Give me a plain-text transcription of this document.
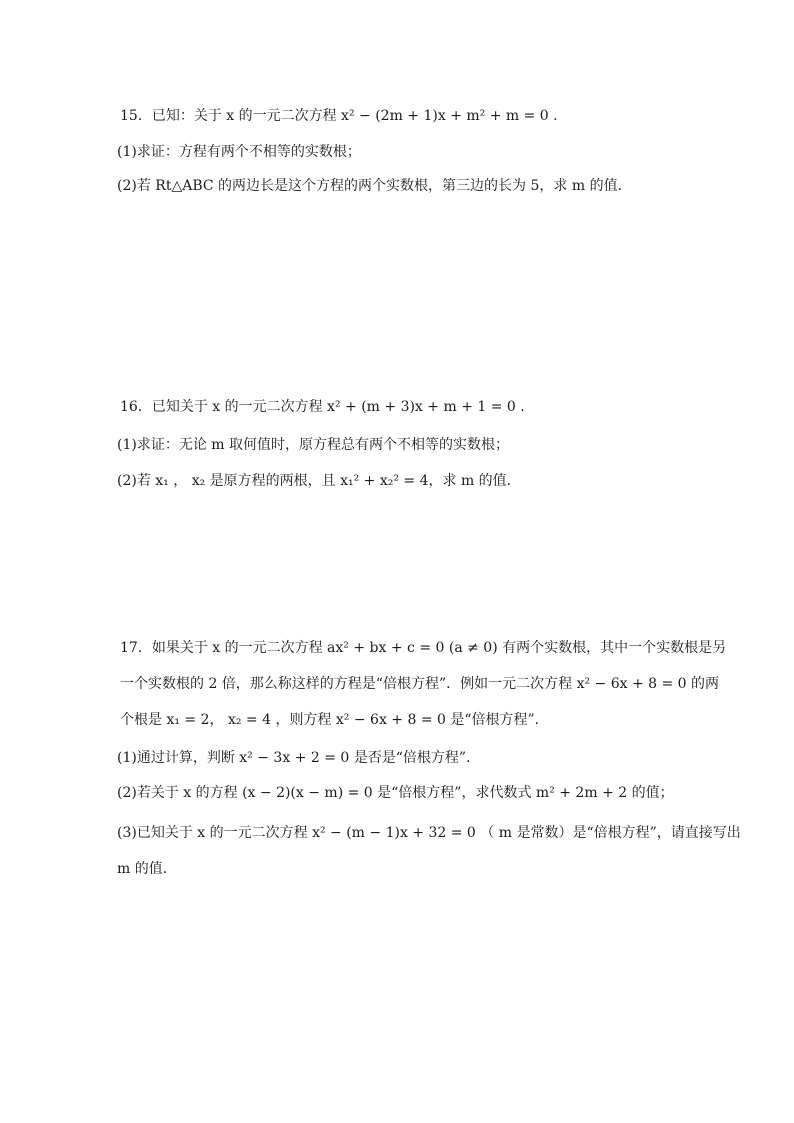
15．已知：关于 x 的一元二次方程 x² − (2m + 1)x + m² + m = 0 .
(1)求证：方程有两个不相等的实数根；
(2)若 Rt△ABC 的两边长是这个方程的两个实数根，第三边的长为 5，求 m 的值．
16．已知关于 x 的一元二次方程 x² + (m + 3)x + m + 1 = 0 .
(1)求证：无论 m 取何值时，原方程总有两个不相等的实数根；
(2)若 x₁ ， x₂ 是原方程的两根，且 x₁² + x₂² = 4，求 m 的值．
17．如果关于 x 的一元二次方程 ax² + bx + c = 0 (a ≠ 0) 有两个实数根，其中一个实数根是另
一个实数根的 2 倍，那么称这样的方程是“倍根方程”．例如一元二次方程 x² − 6x + 8 = 0 的两
个根是 x₁ = 2， x₂ = 4 ，则方程 x² − 6x + 8 = 0 是“倍根方程”．
(1)通过计算，判断 x² − 3x + 2 = 0 是否是“倍根方程”．
(2)若关于 x 的方程 (x − 2)(x − m) = 0 是“倍根方程”，求代数式 m² + 2m + 2 的值；
(3)已知关于 x 的一元二次方程 x² − (m − 1)x + 32 = 0 （ m 是常数）是“倍根方程”，请直接写出
m 的值．
